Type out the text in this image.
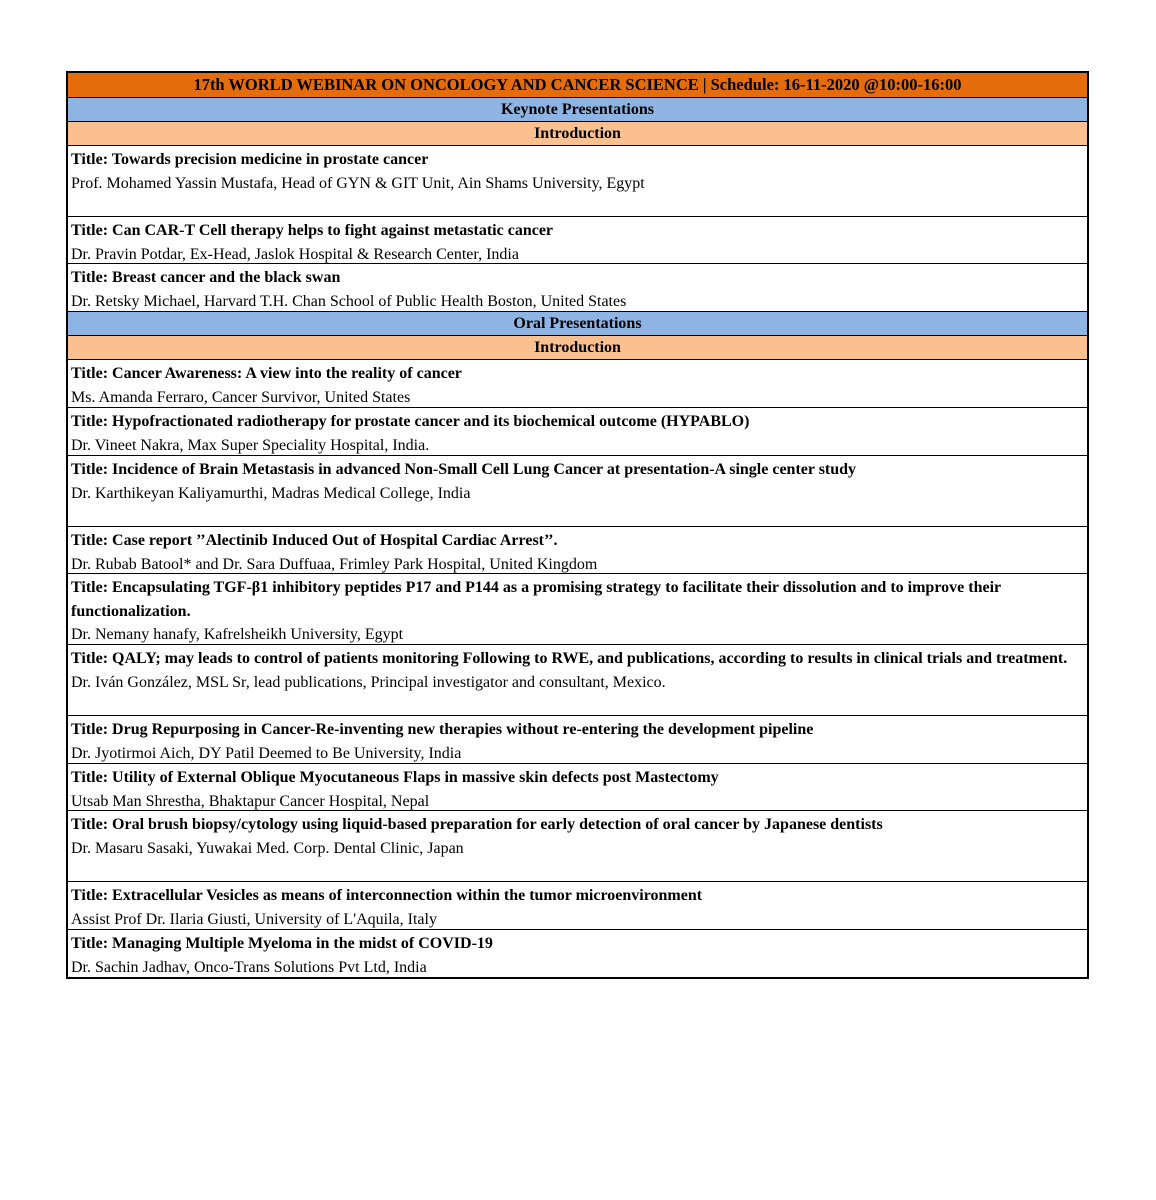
17th WORLD WEBINAR ON ONCOLOGY AND CANCER SCIENCE | Schedule: 16-11-2020 @10:00-16:00
Keynote Presentations
Introduction
Title: Towards precision medicine in prostate cancer
Prof. Mohamed Yassin Mustafa, Head of GYN & GIT Unit, Ain Shams University, Egypt
Title: Can CAR-T Cell therapy helps to fight against metastatic cancer
Dr. Pravin Potdar, Ex-Head, Jaslok Hospital & Research Center, India
Title: Breast cancer and the black swan
Dr. Retsky Michael, Harvard T.H. Chan School of Public Health Boston, United States
Oral Presentations
Introduction
Title: Cancer Awareness: A view into the reality of cancer
Ms. Amanda Ferraro, Cancer Survivor, United States
Title: Hypofractionated radiotherapy for prostate cancer and its biochemical outcome (HYPABLO)
Dr. Vineet Nakra, Max Super Speciality Hospital, India.
Title: Incidence of Brain Metastasis in advanced Non-Small Cell Lung Cancer at presentation-A single center study
Dr. Karthikeyan Kaliyamurthi, Madras Medical College, India
Title: Case report ’’Alectinib Induced Out of Hospital Cardiac Arrest’’.
Dr. Rubab Batool* and Dr. Sara Duffuaa, Frimley Park Hospital, United Kingdom
Title: Encapsulating TGF-β1 inhibitory peptides P17 and P144 as a promising strategy to facilitate their dissolution and to improve their functionalization.
Dr. Nemany hanafy, Kafrelsheikh University, Egypt
Title: QALY; may leads to control of patients monitoring Following to RWE, and publications, according to results in clinical trials and treatment.
Dr. Iván González, MSL Sr, lead publications, Principal investigator and consultant, Mexico.
Title: Drug Repurposing in Cancer-Re-inventing new therapies without re-entering the development pipeline
Dr. Jyotirmoi Aich, DY Patil Deemed to Be University, India
Title: Utility of External Oblique Myocutaneous Flaps in massive skin defects post Mastectomy
Utsab Man Shrestha, Bhaktapur Cancer Hospital, Nepal
Title: Oral brush biopsy/cytology using liquid-based preparation for early detection of oral cancer by Japanese dentists
Dr. Masaru Sasaki, Yuwakai Med. Corp. Dental Clinic, Japan
Title: Extracellular Vesicles as means of interconnection within the tumor microenvironment
Assist Prof Dr. Ilaria Giusti, University of L'Aquila, Italy
Title: Managing Multiple Myeloma in the midst of COVID-19
Dr. Sachin Jadhav, Onco-Trans Solutions Pvt Ltd, India
